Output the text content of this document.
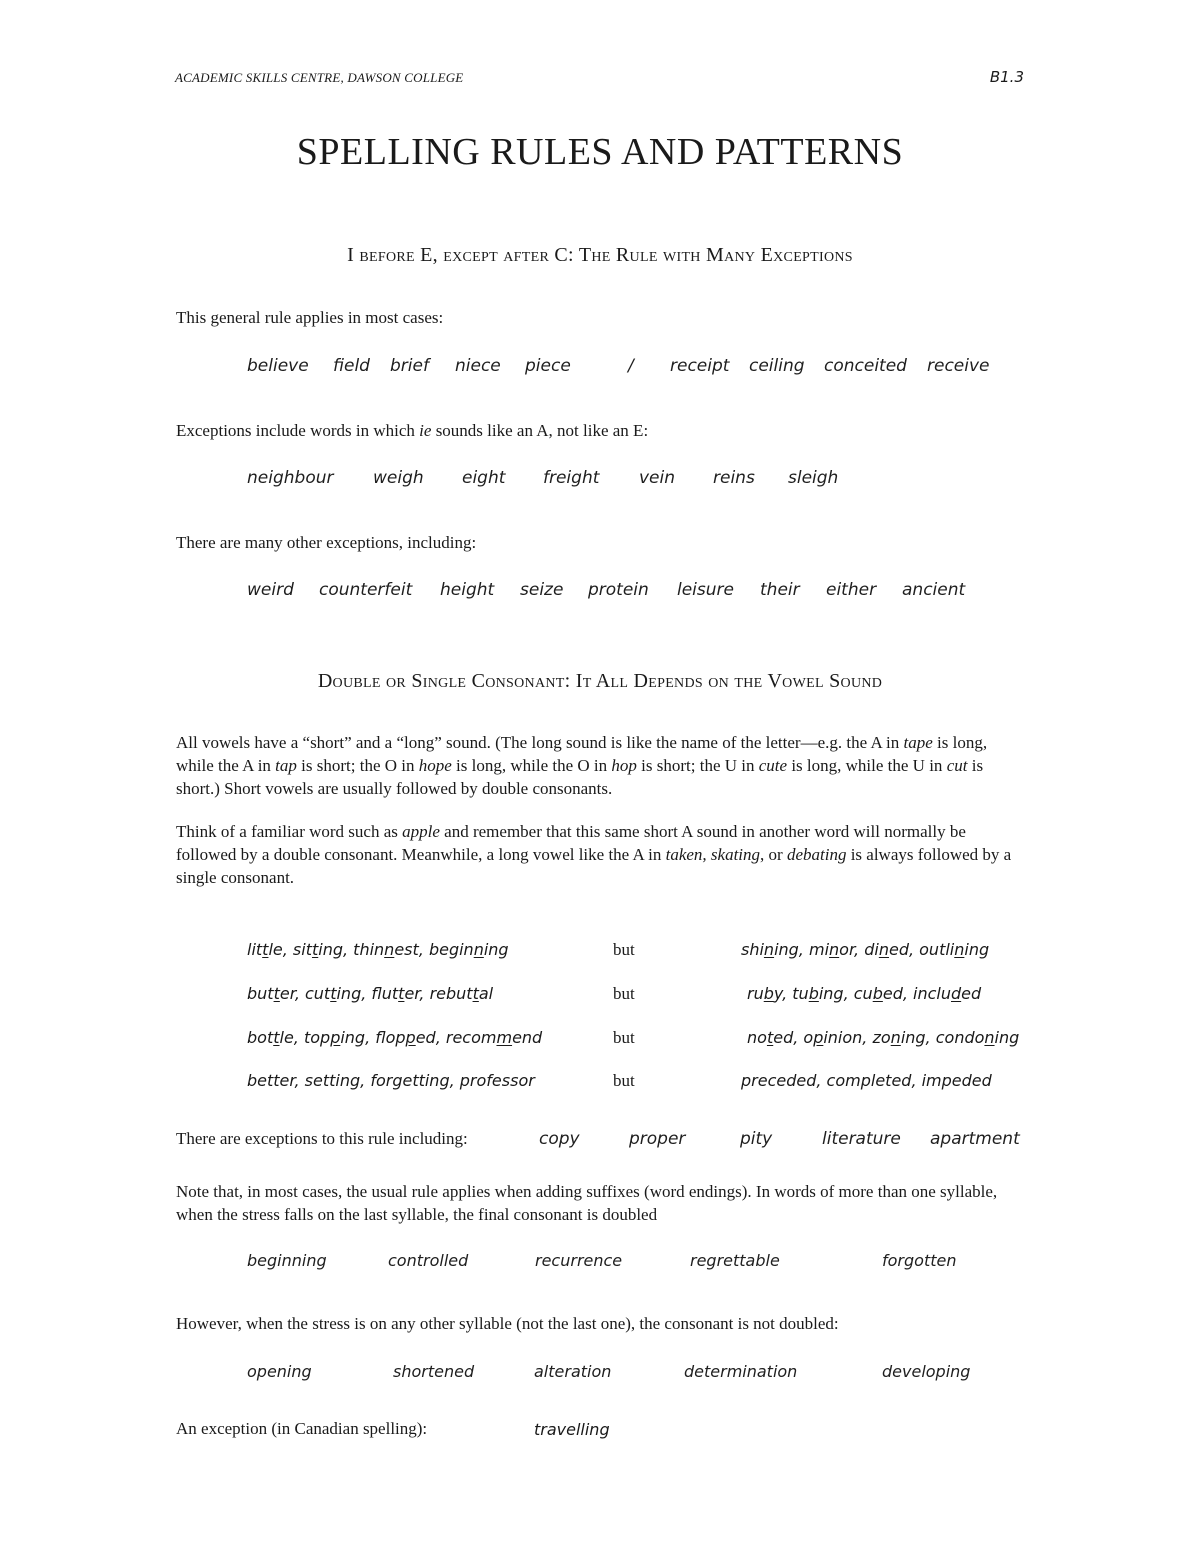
ACADEMIC SKILLS CENTRE, DAWSON COLLEGE	B1.3
SPELLING RULES AND PATTERNS
I before E, except after C: The Rule with Many Exceptions
This general rule applies in most cases:
believe field brief niece piece	/ receipt ceiling conceited receive
Exceptions include words in which ie sounds like an A, not like an E:
neighbour weigh eight freight vein reins sleigh
There are many other exceptions, including:
weird counterfeit height seize protein leisure their either ancient
Double or Single Consonant: It All Depends on the Vowel Sound
All vowels have a “short” and a “long” sound. (The long sound is like the name of the letter—e.g. the A in tape is long, while the A in tap is short; the O in hope is long, while the O in hop is short; the U in cute is long, while the U in cut is short.) Short vowels are usually followed by double consonants.
Think of a familiar word such as apple and remember that this same short A sound in another word will normally be followed by a double consonant. Meanwhile, a long vowel like the A in taken, skating, or debating is always followed by a single consonant.
little, sitting, thinnest, beginning	but	shining, minor, dined, outlining
butter, cutting, flutter, rebuttal	but	ruby, tubing, cubed, included
bottle, topping, flopped, recommend	but	noted, opinion, zoning, condoning
better, setting, forgetting, professor	but	preceded, completed, impeded
There are exceptions to this rule including:	copy	proper	pity	literature apartment
Note that, in most cases, the usual rule applies when adding suffixes (word endings). In words of more than one syllable, when the stress falls on the last syllable, the final consonant is doubled
beginning	controlled	recurrence	regrettable	forgotten
However, when the stress is on any other syllable (not the last one), the consonant is not doubled:
opening	shortened	alteration	determination	developing
An exception (in Canadian spelling):	travelling
